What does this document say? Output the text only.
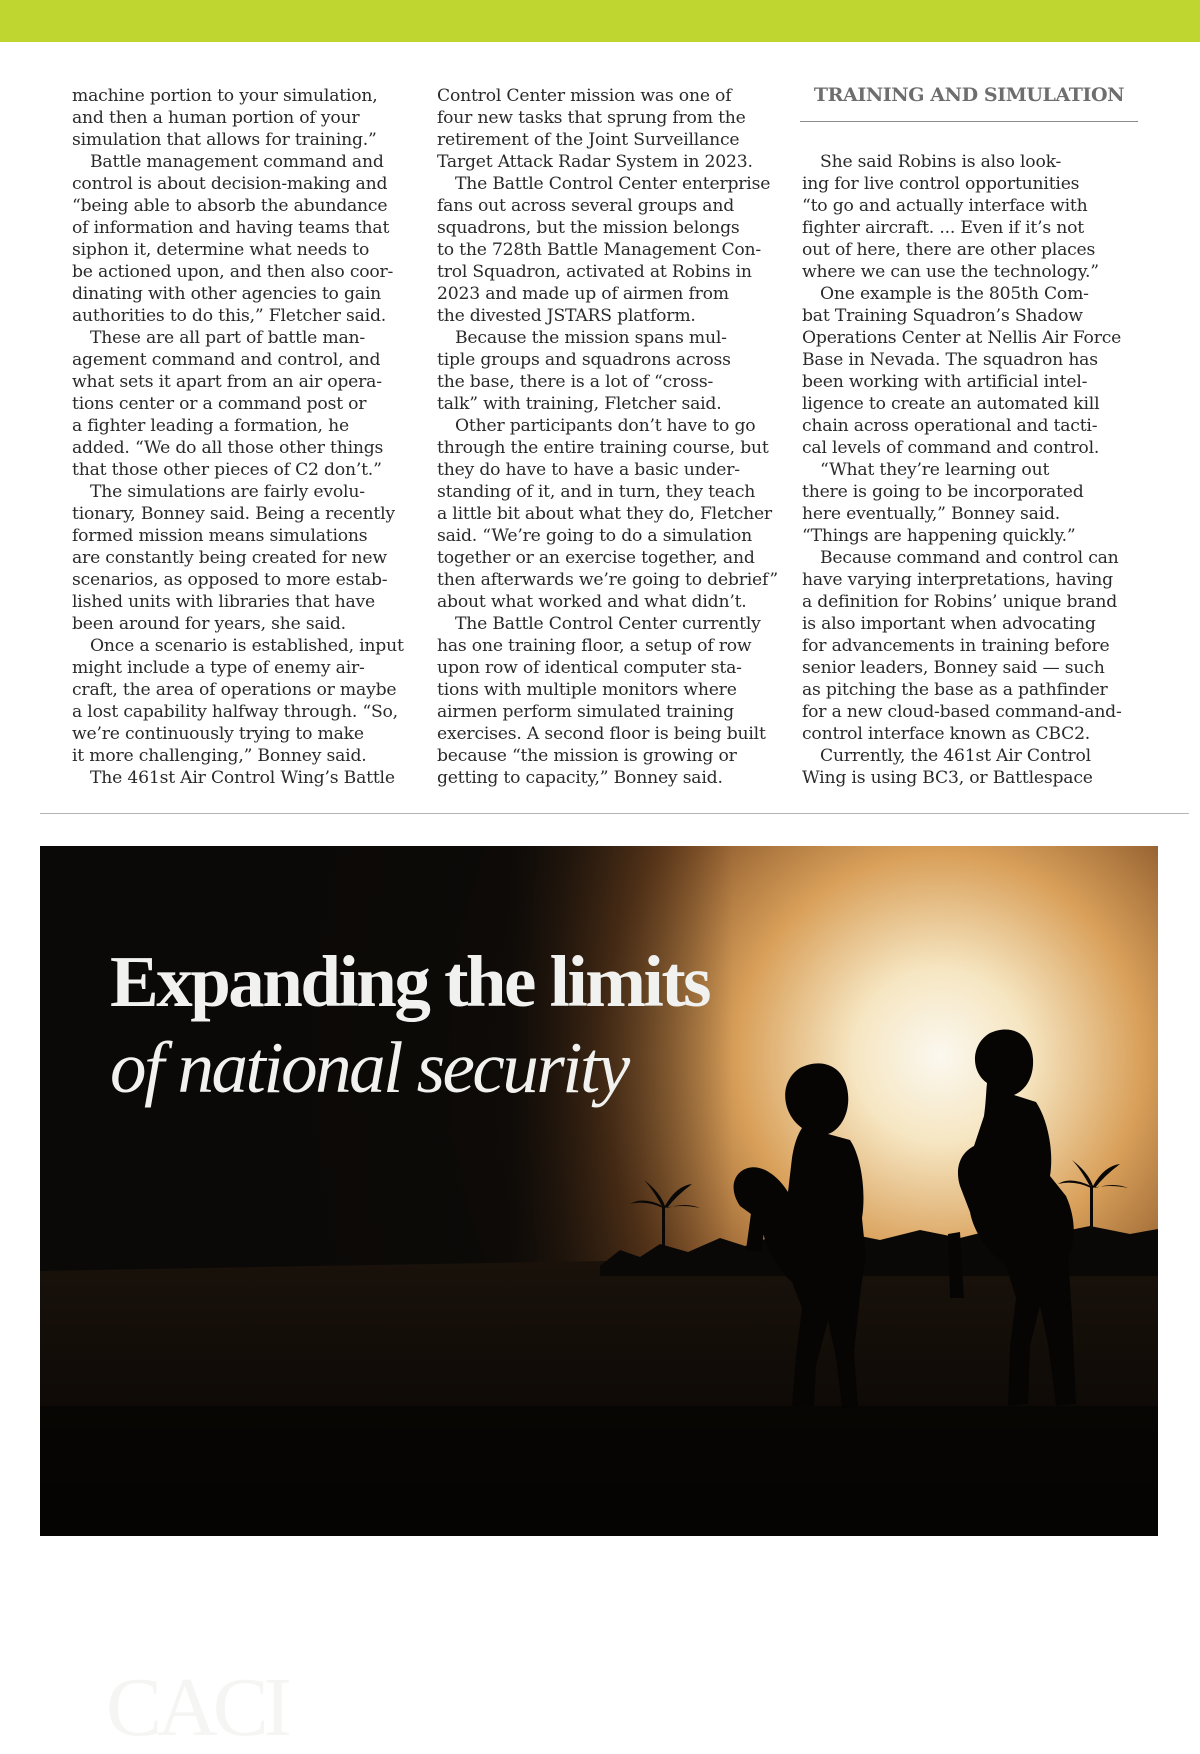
TRAINING AND SIMULATION
machine portion to your simulation,
and then a human portion of your
simulation that allows for training.”
Battle management command and
control is about decision-making and
“being able to absorb the abundance
of information and having teams that
siphon it, determine what needs to
be actioned upon, and then also coor-
dinating with other agencies to gain
authorities to do this,” Fletcher said.
These are all part of battle man-
agement command and control, and
what sets it apart from an air opera-
tions center or a command post or
a fighter leading a formation, he
added. “We do all those other things
that those other pieces of C2 don’t.”
The simulations are fairly evolu-
tionary, Bonney said. Being a recently
formed mission means simulations
are constantly being created for new
scenarios, as opposed to more estab-
lished units with libraries that have
been around for years, she said.
Once a scenario is established, input
might include a type of enemy air-
craft, the area of operations or maybe
a lost capability halfway through. “So,
we’re continuously trying to make
it more challenging,” Bonney said.
The 461st Air Control Wing’s Battle
Control Center mission was one of
four new tasks that sprung from the
retirement of the Joint Surveillance
Target Attack Radar System in 2023.
The Battle Control Center enterprise
fans out across several groups and
squadrons, but the mission belongs
to the 728th Battle Management Con-
trol Squadron, activated at Robins in
2023 and made up of airmen from
the divested JSTARS platform.
Because the mission spans mul-
tiple groups and squadrons across
the base, there is a lot of “cross-
talk” with training, Fletcher said.
Other participants don’t have to go
through the entire training course, but
they do have to have a basic under-
standing of it, and in turn, they teach
a little bit about what they do, Fletcher
said. “We’re going to do a simulation
together or an exercise together, and
then afterwards we’re going to debrief”
about what worked and what didn’t.
The Battle Control Center currently
has one training floor, a setup of row
upon row of identical computer sta-
tions with multiple monitors where
airmen perform simulated training
exercises. A second floor is being built
because “the mission is growing or
getting to capacity,” Bonney said.
She said Robins is also look-
ing for live control opportunities
“to go and actually interface with
fighter aircraft. ... Even if it’s not
out of here, there are other places
where we can use the technology.”
One example is the 805th Com-
bat Training Squadron’s Shadow
Operations Center at Nellis Air Force
Base in Nevada. The squadron has
been working with artificial intel-
ligence to create an automated kill
chain across operational and tacti-
cal levels of command and control.
“What they’re learning out
there is going to be incorporated
here eventually,” Bonney said.
“Things are happening quickly.”
Because command and control can
have varying interpretations, having
a definition for Robins’ unique brand
is also important when advocating
for advancements in training before
senior leaders, Bonney said — such
as pitching the base as a pathfinder
for a new cloud-based command-and-
control interface known as CBC2.
Currently, the 461st Air Control
Wing is using BC3, or Battlespace
Expanding the limits
of national security
CACI
